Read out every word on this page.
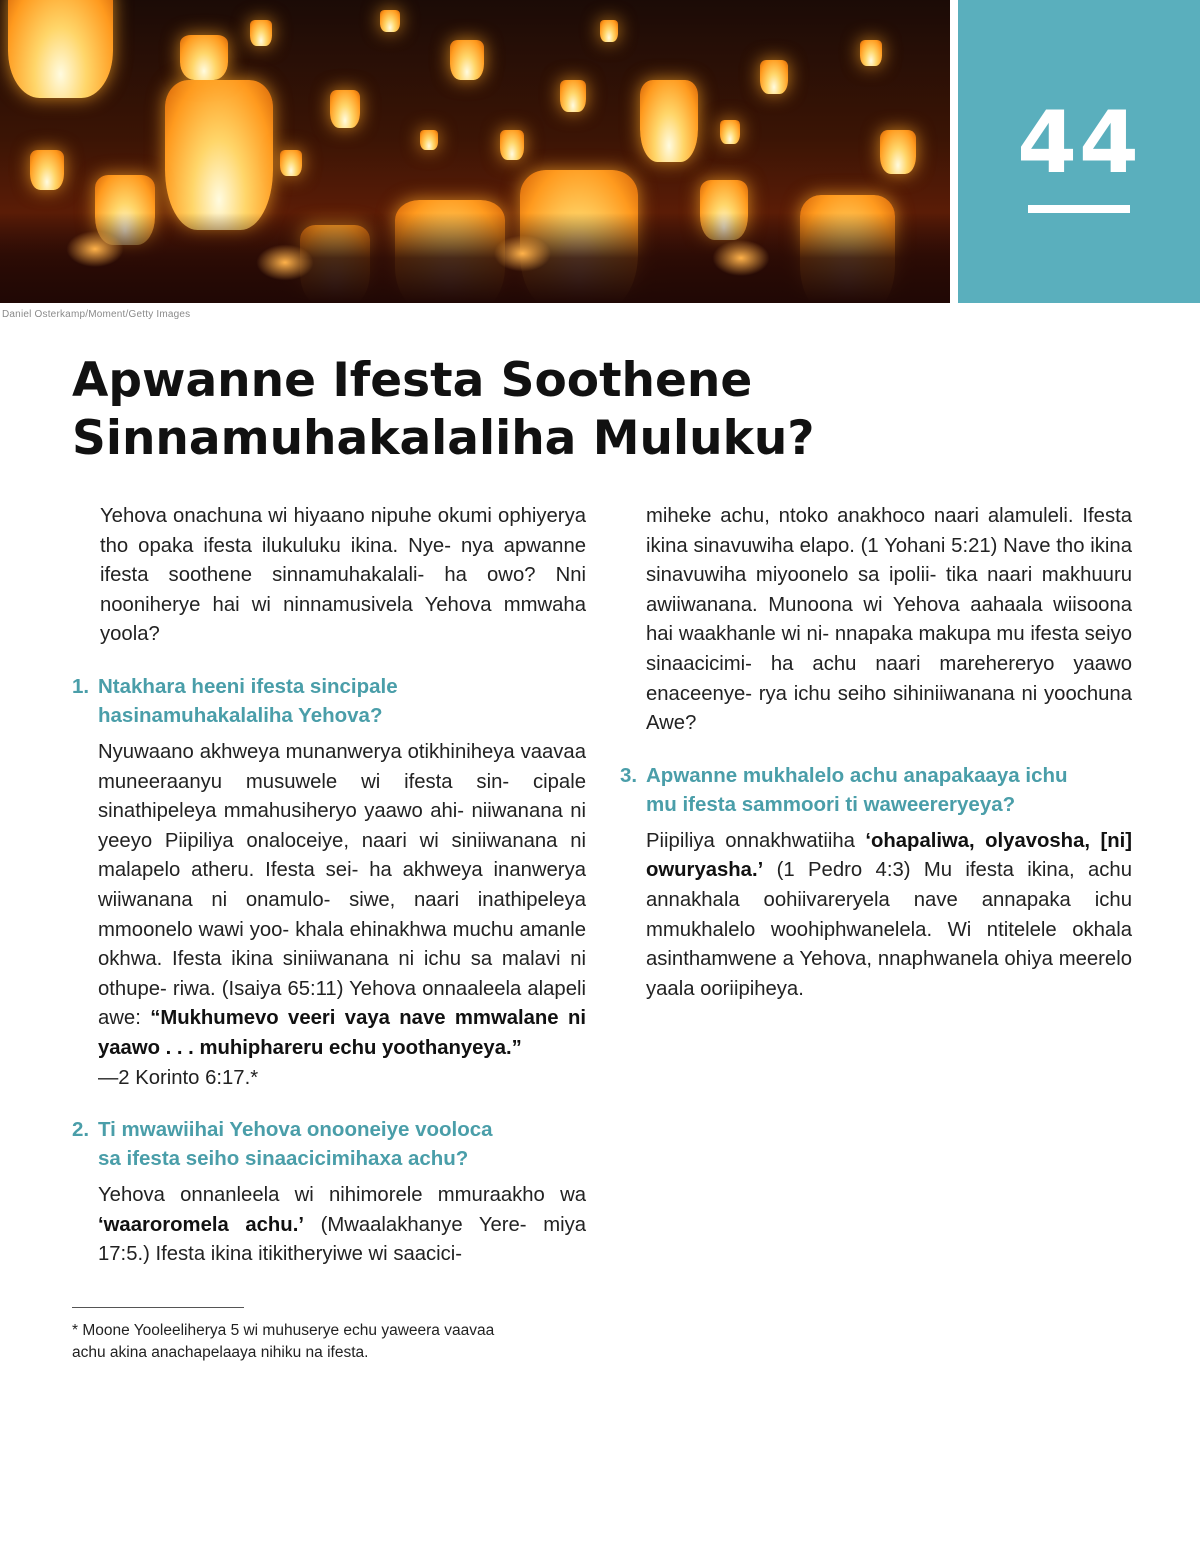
44
Daniel Osterkamp/Moment/Getty Images
Apwanne Ifesta Soothene
Sinnamuhakalaliha Muluku?

Yehova onachuna wi hiyaano nipuhe okumi ophiyerya tho opaka ifesta ilukuluku ikina. Nye- nya apwanne ifesta soothene sinnamuhakalali- ha owo? Nni nooniherye hai wi ninnamusivela Yehova mmwaha yoola?

1. Ntakhara heeni ifesta sincipale
hasinamuhakalaliha Yehova?

Nyuwaano akhweya munanwerya otikhiniheya vaavaa muneeraanyu musuwele wi ifesta sin- cipale sinathipeleya mmahusiheryo yaawo ahi- niiwanana ni yeeyo Piipiliya onaloceiye, naari wi siniiwanana ni malapelo atheru. Ifesta sei- ha akhweya inanwerya wiiwanana ni onamulo- siwe, naari inathipeleya mmoonelo wawi yoo- khala ehinakhwa muchu amanle okhwa. Ifesta ikina siniiwanana ni ichu sa malavi ni othupe- riwa. (Isaiya 65:11) Yehova onnaaleela alapeli awe: “Mukhumevo veeri vaya nave mmwalane ni yaawo . . . muhiphareru echu yoothanyeya.”
—2 Korinto 6:17.*

2. Ti mwawiihai Yehova onooneiye vooloca
sa ifesta seiho sinaacicimihaxa achu?

Yehova onnanleela wi nihimorele mmuraakho wa ‘waaroromela achu.’ (Mwaalakhanye Yere- miya 17:5.) Ifesta ikina itikitheryiwe wi saacici-

* Moone Yooleeliherya 5 wi muhuserye echu yaweera vaavaa
achu akina anachapelaaya nihiku na ifesta.

miheke achu, ntoko anakhoco naari alamuleli. Ifesta ikina sinavuwiha elapo. (1 Yohani 5:21) Nave tho ikina sinavuwiha miyoonelo sa ipolii- tika naari makhuuru awiiwanana. Munoona wi Yehova aahaala wiisoona hai waakhanle wi ni- nnapaka makupa mu ifesta seiyo sinaacicimi- ha achu naari marehereryo yaawo enaceenye- rya ichu seiho sihiniiwanana ni yoochuna Awe?

3. Apwanne mukhalelo achu anapakaaya ichu
mu ifesta sammoori ti waweereryeya?

Piipiliya onnakhwatiiha ‘ohapaliwa, olyavosha, [ni] owuryasha.’ (1 Pedro 4:3) Mu ifesta ikina, achu annakhala oohiivareryela nave annapaka ichu mmukhalelo woohiphwanelela. Wi ntitelele okhala asinthamwene a Yehova, nnaphwanela ohiya meerelo yaala ooriipiheya.
